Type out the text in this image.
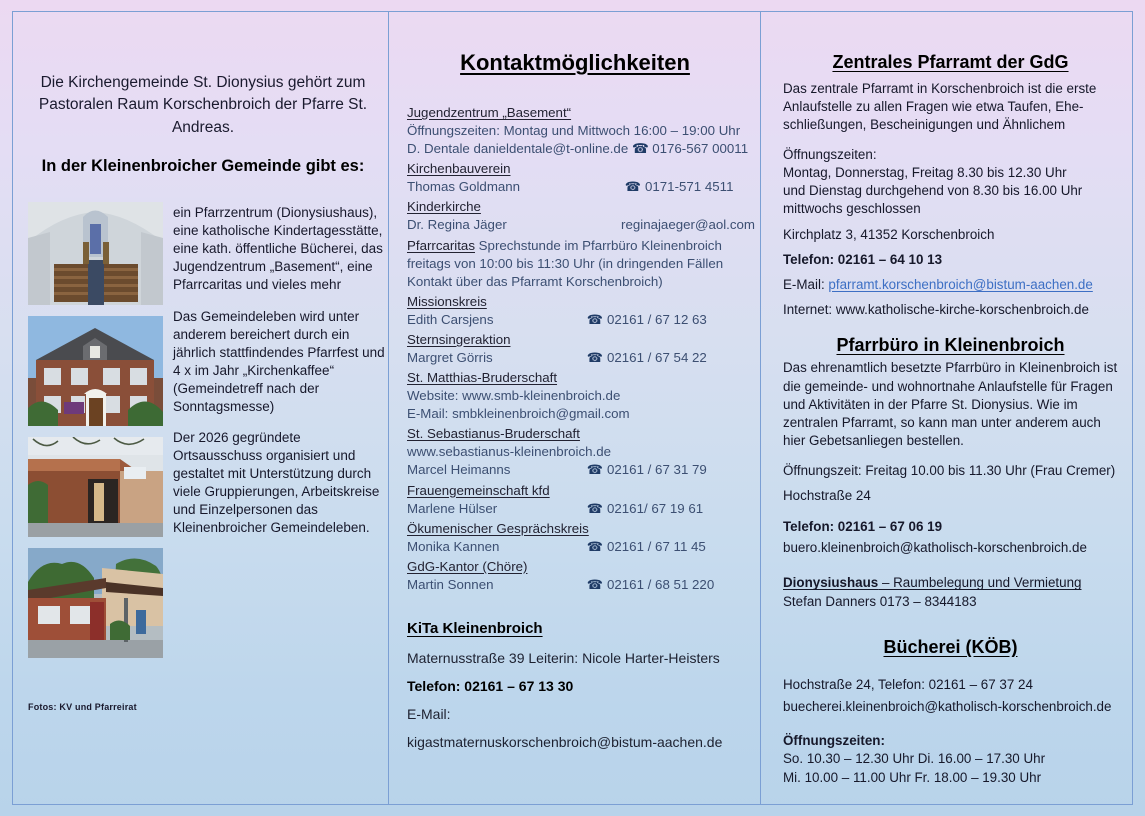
Die Kirchengemeinde St. Dionysius gehört zum
Pastoralen Raum Korschenbroich der Pfarre St. Andreas.
In der Kleinenbroicher Gemeinde gibt es:
Fotos: KV und Pfarreirat

ein Pfarrzentrum (Dionysiushaus), eine katholische Kindertagesstätte, eine kath. öffentliche Bücherei, das Jugendzentrum „Basement“, eine Pfarrcaritas und vieles mehr

Das Gemeindeleben wird unter anderem bereichert durch ein jährlich stattfindendes Pfarrfest und 4 x im Jahr „Kirchenkaffee“ (Gemeindetreff nach der Sonntagsmesse)

Der 2026 gegründete Ortsausschuss organisiert und gestaltet mit Unterstützung durch viele Gruppierungen, Arbeitskreise und Einzelpersonen das Kleinenbroicher Gemeindeleben.

Kontaktmöglichkeiten
Jugendzentrum „Basement“
Öffnungszeiten: Montag und Mittwoch 16:00 – 19:00 Uhr
D. Dentale danieldentale@t-online.de ☎ 0176-567 00011
Kirchenbauverein
Thomas Goldmann	☎ 0171-571 4511
Kinderkirche
Dr. Regina Jäger	reginajaeger@aol.com
Pfarrcaritas Sprechstunde im Pfarrbüro Kleinenbroich
freitags von 10:00 bis 11:30 Uhr (in dringenden Fällen
Kontakt über das Pfarramt Korschenbroich)
Missionskreis
Edith Carsjens	☎ 02161 / 67 12 63
Sternsingeraktion
Margret Görris	☎ 02161 / 67 54 22
St. Matthias-Bruderschaft
Website: www.smb-kleinenbroich.de
E-Mail: smbkleinenbroich@gmail.com
St. Sebastianus-Bruderschaft
www.sebastianus-kleinenbroich.de
Marcel Heimanns	☎ 02161 / 67 31 79
Frauengemeinschaft kfd
Marlene Hülser	☎ 02161/ 67 19 61
Ökumenischer Gesprächskreis
Monika Kannen	☎ 02161 / 67 11 45
GdG-Kantor (Chöre)
Martin Sonnen	☎ 02161 / 68 51 220
KiTa Kleinenbroich
Maternusstraße 39 Leiterin: Nicole Harter-Heisters
Telefon: 02161 – 67 13 30
E-Mail:
kigastmaternuskorschenbroich@bistum-aachen.de
Zentrales Pfarramt der GdG

Das zentrale Pfarramt in Korschenbroich ist die erste Anlaufstelle zu allen Fragen wie etwa Taufen, Ehe-schließungen, Bescheinigungen und Ähnlichem

Öffnungszeiten:

Montag, Donnerstag, Freitag 8.30 bis 12.30 Uhr

und Dienstag durchgehend von 8.30 bis 16.00 Uhr

mittwochs geschlossen

Kirchplatz 3, 41352 Korschenbroich

Telefon: 02161 – 64 10 13

E-Mail: pfarramt.korschenbroich@bistum-aachen.de

Internet: www.katholische-kirche-korschenbroich.de

Pfarrbüro in Kleinenbroich

Das ehrenamtlich besetzte Pfarrbüro in Kleinenbroich ist die gemeinde- und wohnortnahe Anlaufstelle für Fragen und Aktivitäten in der Pfarre St. Dionysius. Wie im zentralen Pfarramt, so kann man unter anderem auch hier Gebetsanliegen bestellen.

Öffnungszeit: Freitag 10.00 bis 11.30 Uhr (Frau Cremer)

Hochstraße 24

Telefon: 02161 – 67 06 19

buero.kleinenbroich@katholisch-korschenbroich.de

Dionysiushaus – Raumbelegung und Vermietung

Stefan Danners 0173 – 8344183

Bücherei (KÖB)

Hochstraße 24, Telefon: 02161 – 67 37 24

buecherei.kleinenbroich@katholisch-korschenbroich.de

Öffnungszeiten:

So. 10.30 – 12.30 Uhr Di. 16.00 – 17.30 Uhr

Mi. 10.00 – 11.00 Uhr Fr. 18.00 – 19.30 Uhr
